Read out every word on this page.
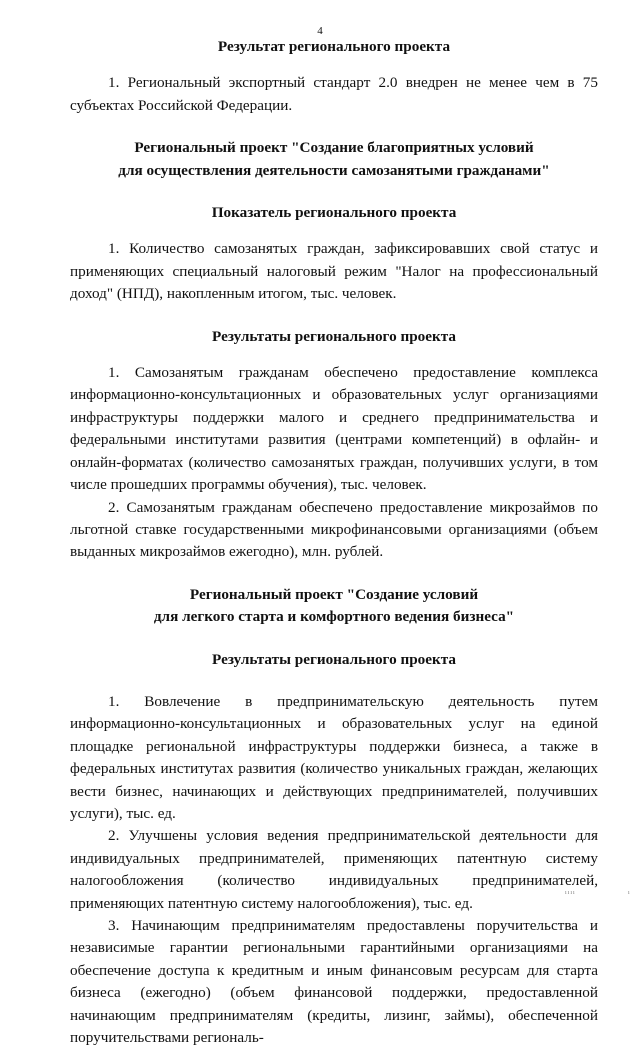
4

Результат регионального проекта

1. Региональный экспортный стандарт 2.0 внедрен не менее чем в 75 субъектах Российской Федерации.

Региональный проект "Создание благоприятных условий

для осуществления деятельности самозанятыми гражданами"

Показатель регионального проекта

1. Количество самозанятых граждан, зафиксировавших свой статус и применяющих специальный налоговый режим "Налог на профессиональный доход" (НПД), накопленным итогом, тыс. человек.

Результаты регионального проекта

1. Самозанятым гражданам обеспечено предоставление комплекса информационно-консультационных и образовательных услуг организациями инфраструктуры поддержки малого и среднего предпринимательства и федеральными институтами развития (центрами компетенций) в офлайн- и онлайн-форматах (количество самозанятых граждан, получивших услуги, в том числе прошедших программы обучения), тыс. человек.

2. Самозанятым гражданам обеспечено предоставление микрозаймов по льготной ставке государственными микрофинансовыми организациями (объем выданных микрозаймов ежегодно), млн. рублей.

Региональный проект "Создание условий

для легкого старта и комфортного ведения бизнеса"

Результаты регионального проекта

1. Вовлечение в предпринимательскую деятельность путем информационно-консультационных и образовательных услуг на единой площадке региональной инфраструктуры поддержки бизнеса, а также в федеральных институтах развития (количество уникальных граждан, желающих вести бизнес, начинающих и действующих предпринимателей, получивших услуги), тыс. ед.

2. Улучшены условия ведения предпринимательской деятельности для индивидуальных предпринимателей, применяющих патентную систему налогообложения (количество индивидуальных предпринимателей, применяющих патентную систему налогообложения), тыс. ед.

3. Начинающим предпринимателям предоставлены поручительства и независимые гарантии региональными гарантийными организациями на обеспечение доступа к кредитным и иным финансовым ресурсам для старта бизнеса (ежегодно) (объем финансовой поддержки, предоставленной начинающим предпринимателям (кредиты, лизинг, займы), обеспеченной поручительствами региональ-

ıııı	ı
